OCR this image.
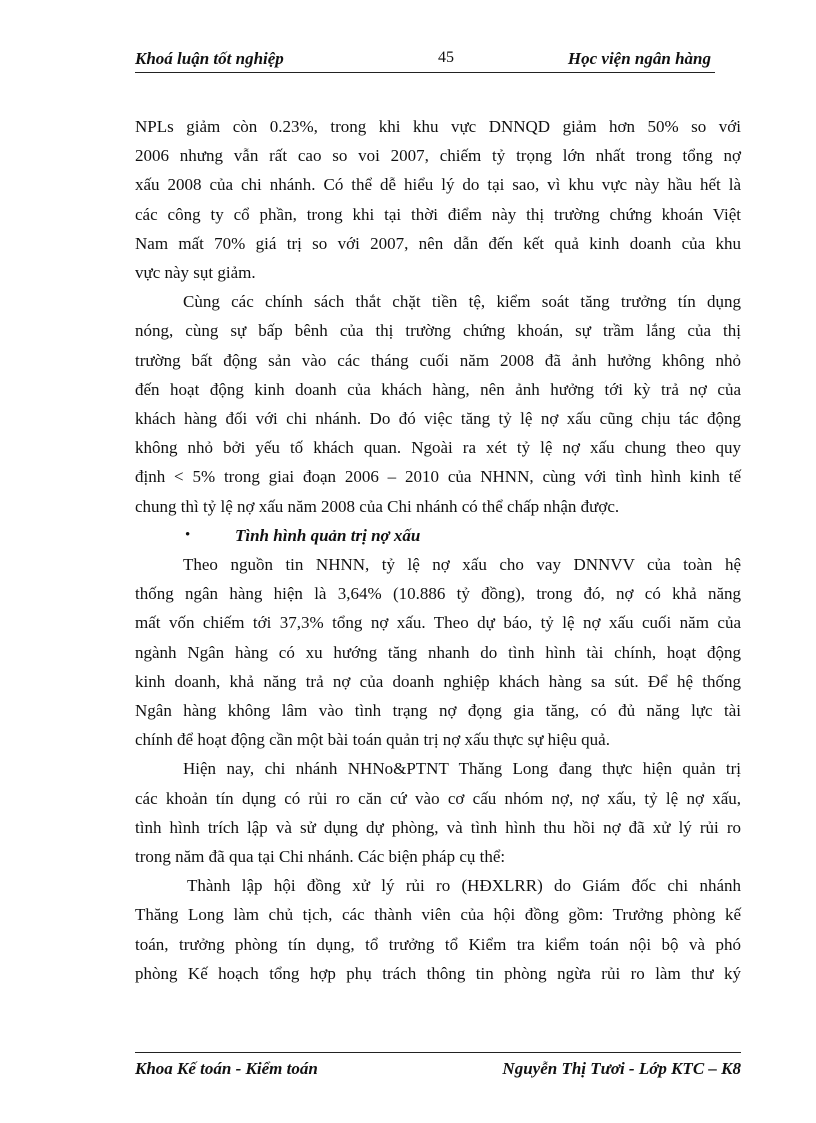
Khoá luận tốt nghiệp	45	Học viện ngân hàng
NPLs giảm còn 0.23%, trong khi khu vực DNNQD giảm hơn 50% so với
2006 nhưng vẫn rất cao so voi 2007, chiếm tỷ trọng lớn nhất trong tổng nợ
xấu 2008 của chi nhánh. Có thể dễ hiểu lý do tại sao, vì khu vực này hầu hết là
các công ty cổ phần, trong khi tại thời điểm này thị trường chứng khoán Việt
Nam mất 70% giá trị so với 2007, nên dẫn đến kết quả kinh doanh của khu
vực này sụt giảm.
Cùng các chính sách thắt chặt tiền tệ, kiểm soát tăng trưởng tín dụng
nóng, cùng sự bấp bênh của thị trường chứng khoán, sự trầm lắng của thị
trường bất động sản vào các tháng cuối năm 2008 đã ảnh hưởng không nhỏ
đến hoạt động kinh doanh của khách hàng, nên ảnh hưởng tới kỳ trả nợ của
khách hàng đối với chi nhánh. Do đó việc tăng tỷ lệ nợ xấu cũng chịu tác động
không nhỏ bởi yếu tố khách quan. Ngoài ra xét tỷ lệ nợ xấu chung theo quy
định < 5% trong giai đoạn 2006 – 2010 của NHNN, cùng với tình hình kinh tế
chung thì tỷ lệ nợ xấu năm 2008 của Chi nhánh có thể chấp nhận được.
•	Tình hình quản trị nợ xấu
Theo nguồn tin NHNN, tỷ lệ nợ xấu cho vay DNNVV của toàn hệ
thống ngân hàng hiện là 3,64% (10.886 tỷ đồng), trong đó, nợ có khả năng
mất vốn chiếm tới 37,3% tổng nợ xấu. Theo dự báo, tỷ lệ nợ xấu cuối năm của
ngành Ngân hàng có xu hướng tăng nhanh do tình hình tài chính, hoạt động
kinh doanh, khả năng trả nợ của doanh nghiệp khách hàng sa sút. Để hệ thống
Ngân hàng không lâm vào tình trạng nợ đọng gia tăng, có đủ năng lực tài
chính để hoạt động cần một bài toán quản trị nợ xấu thực sự hiệu quả.
Hiện nay, chi nhánh NHNo&PTNT Thăng Long đang thực hiện quản trị
các khoản tín dụng có rủi ro căn cứ vào cơ cấu nhóm nợ, nợ xấu, tỷ lệ nợ xấu,
tình hình trích lập và sử dụng dự phòng, và tình hình thu hồi nợ đã xử lý rủi ro
trong năm đã qua tại Chi nhánh. Các biện pháp cụ thể:
Thành lập hội đồng xử lý rủi ro (HĐXLRR) do Giám đốc chi nhánh
Thăng Long làm chủ tịch, các thành viên của hội đồng gồm: Trưởng phòng kế
toán, trưởng phòng tín dụng, tổ trưởng tổ Kiểm tra kiểm toán nội bộ và phó
phòng Kế hoạch tổng hợp phụ trách thông tin phòng ngừa rủi ro làm thư ký
Khoa Kế toán - Kiểm toán	Nguyễn Thị Tươi - Lớp KTC – K8
